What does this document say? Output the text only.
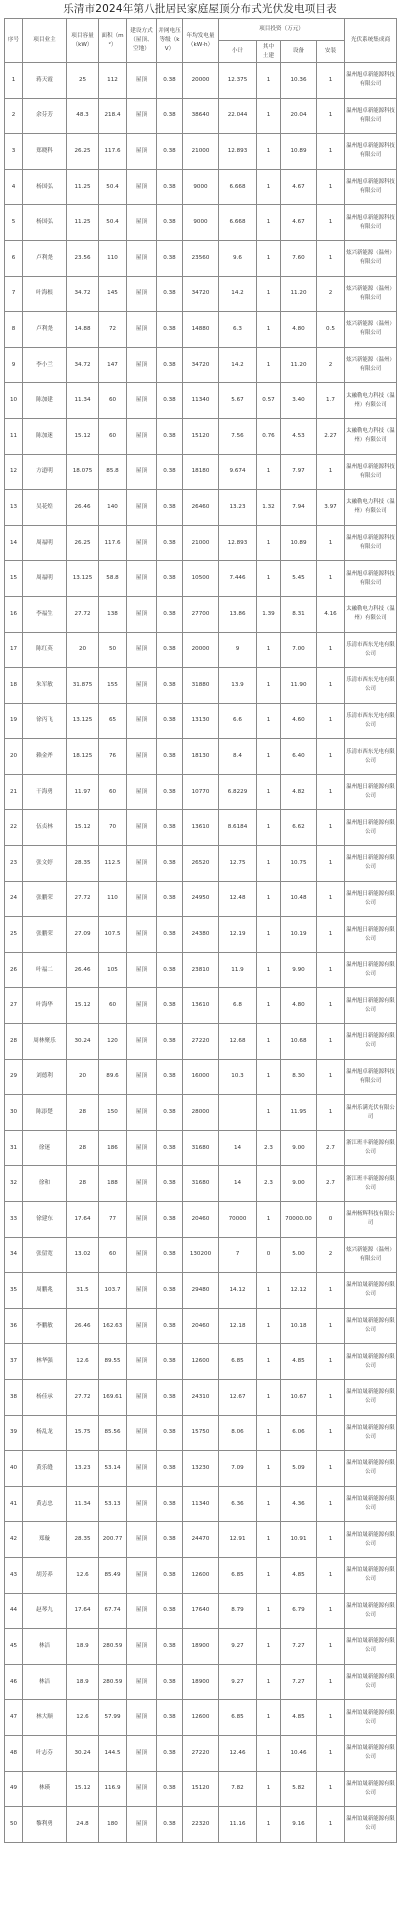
乐清市2024年第八批居民家庭屋顶分布式光伏发电项目表
序号	项目业主	项目容量（kW）	面积（m²）	建设方式（屋顶、空地）	并网电压等级（kV）	年均发电量（kW·h）	项目投资（万元）				光伏系统集成商
							小计	其中
土建	设备	安装	
1	蒋天霞	25	112	屋顶	0.38	20000	12.375	1	10.36	1	温州旭卓新能源科技有限公司
2	余芬芳	48.3	218.4	屋顶	0.38	38640	22.044	1	20.04	1	温州旭卓新能源科技有限公司
3	郑晓科	26.25	117.6	屋顶	0.38	21000	12.893	1	10.89	1	温州旭卓新能源科技有限公司
4	杨国弘	11.25	50.4	屋顶	0.38	9000	6.668	1	4.67	1	温州旭卓新能源科技有限公司
5	杨国弘	11.25	50.4	屋顶	0.38	9000	6.668	1	4.67	1	温州旭卓新能源科技有限公司
6	卢利尧	23.56	110	屋顶	0.38	23560	9.6	1	7.60	1	炫兴新能源（温州）有限公司
7	叶海根	34.72	145	屋顶	0.38	34720	14.2	1	11.20	2	炫兴新能源（温州）有限公司
8	卢利尧	14.88	72	屋顶	0.38	14880	6.3	1	4.80	0.5	炫兴新能源（温州）有限公司
9	李小兰	34.72	147	屋顶	0.38	34720	14.2	1	11.20	2	炫兴新能源（温州）有限公司
10	陈加建	11.34	60	屋顶	0.38	11340	5.67	0.57	3.40	1.7	太融勒电力科技（温州）有限公司
11	陈加迷	15.12	60	屋顶	0.38	15120	7.56	0.76	4.53	2.27	太融勒电力科技（温州）有限公司
12	方道明	18.075	85.8	屋顶	0.38	18180	9.674	1	7.97	1	温州旭卓新能源科技有限公司
13	吴花煌	26.46	140	屋顶	0.38	26460	13.23	1.32	7.94	3.97	太融勒电力科技（温州）有限公司
14	周福明	26.25	117.6	屋顶	0.38	21000	12.893	1	10.89	1	温州旭卓新能源科技有限公司
15	周福明	13.125	58.8	屋顶	0.38	10500	7.446	1	5.45	1	温州旭卓新能源科技有限公司
16	李福生	27.72	138	屋顶	0.38	27700	13.86	1.39	8.31	4.16	太融勒电力科技（温州）有限公司
17	陈红英	20	50	屋顶	0.38	20000	9	1	7.00	1	乐清市西东光电有限公司
18	朱军敏	31.875	155	屋顶	0.38	31880	13.9	1	11.90	1	乐清市西东光电有限公司
19	徐丙飞	13.125	65	屋顶	0.38	13130	6.6	1	4.60	1	乐清市西东光电有限公司
20	赖金斧	18.125	76	屋顶	0.38	18130	8.4	1	6.40	1	乐清市西东光电有限公司
21	干海勇	11.97	60	屋顶	0.38	10770	6.8229	1	4.82	1	温州旭日新能源有限公司
22	伍贞林	15.12	70	屋顶	0.38	13610	8.6184	1	6.62	1	温州旭日新能源有限公司
23	张文婷	28.35	112.5	屋顶	0.38	26520	12.75	1	10.75	1	温州旭日新能源有限公司
24	张鹏荣	27.72	110	屋顶	0.38	24950	12.48	1	10.48	1	温州旭日新能源有限公司
25	张鹏荣	27.09	107.5	屋顶	0.38	24380	12.19	1	10.19	1	温州旭日新能源有限公司
26	叶福二	26.46	105	屋顶	0.38	23810	11.9	1	9.90	1	温州旭日新能源有限公司
27	叶海华	15.12	60	屋顶	0.38	13610	6.8	1	4.80	1	温州旭日新能源有限公司
28	周林聚乐	30.24	120	屋顶	0.38	27220	12.68	1	10.68	1	温州旭日新能源有限公司
29	刘德利	20	89.6	屋顶	0.38	16000	10.3	1	8.30	1	温州旭卓新能源科技有限公司
30	陈添楚	28	150	屋顶	0.38	28000		1	11.95	1	温州乐满光伏有限公司
31	徐迷	28	186	屋顶	0.38	31680	14	2.3	9.00	2.7	浙江班丰新能源有限公司
32	徐和	28	188	屋顶	0.38	31680	14	2.3	9.00	2.7	浙江班丰新能源有限公司
33	徐建东	17.64	77	屋顶	0.38	20460	70000	1	70000.00	0	温州杨辉科技有限公司
34	张留宽	13.02	60	屋顶	0.38	130200	7	0	5.00	2	炫兴新能源（温州）有限公司
35	周鹏兆	31.5	103.7	屋顶	0.38	29480	14.12	1	12.12	1	温州谊晟新能源有限公司
36	李鹏敏	26.46	162.63	屋顶	0.38	20460	12.18	1	10.18	1	温州谊晟新能源有限公司
37	林华强	12.6	89.55	屋顶	0.38	12600	6.85	1	4.85	1	温州谊晟新能源有限公司
38	杨佳承	27.72	169.61	屋顶	0.38	24310	12.67	1	10.67	1	温州谊晟新能源有限公司
39	杨乱龙	15.75	85.56	屋顶	0.38	15750	8.06	1	6.06	1	温州谊晟新能源有限公司
40	黄乐缝	13.23	53.14	屋顶	0.38	13230	7.09	1	5.09	1	温州谊晟新能源有限公司
41	黄志忠	11.34	53.13	屋顶	0.38	11340	6.36	1	4.36	1	温州谊晟新能源有限公司
42	郑璇	28.35	200.77	屋顶	0.38	24470	12.91	1	10.91	1	温州谊晟新能源有限公司
43	胡芳养	12.6	85.49	屋顶	0.38	12600	6.85	1	4.85	1	温州谊晟新能源有限公司
44	赵琴九	17.64	67.74	屋顶	0.38	17640	8.79	1	6.79	1	温州谊晟新能源有限公司
45	林洁	18.9	280.59	屋顶	0.38	18900	9.27	1	7.27	1	温州谊晟新能源有限公司
46	林洁	18.9	280.59	屋顶	0.38	18900	9.27	1	7.27	1	温州谊晟新能源有限公司
47	林大顺	12.6	57.99	屋顶	0.38	12600	6.85	1	4.85	1	温州谊晟新能源有限公司
48	叶志芬	30.24	144.5	屋顶	0.38	27220	12.46	1	10.46	1	温州谊晟新能源有限公司
49	林瑛	15.12	116.9	屋顶	0.38	15120	7.82	1	5.82	1	温州谊晟新能源有限公司
50	黎利勇	24.8	180	屋顶	0.38	22320	11.16	1	9.16	1	温州谊晟新能源有限公司
